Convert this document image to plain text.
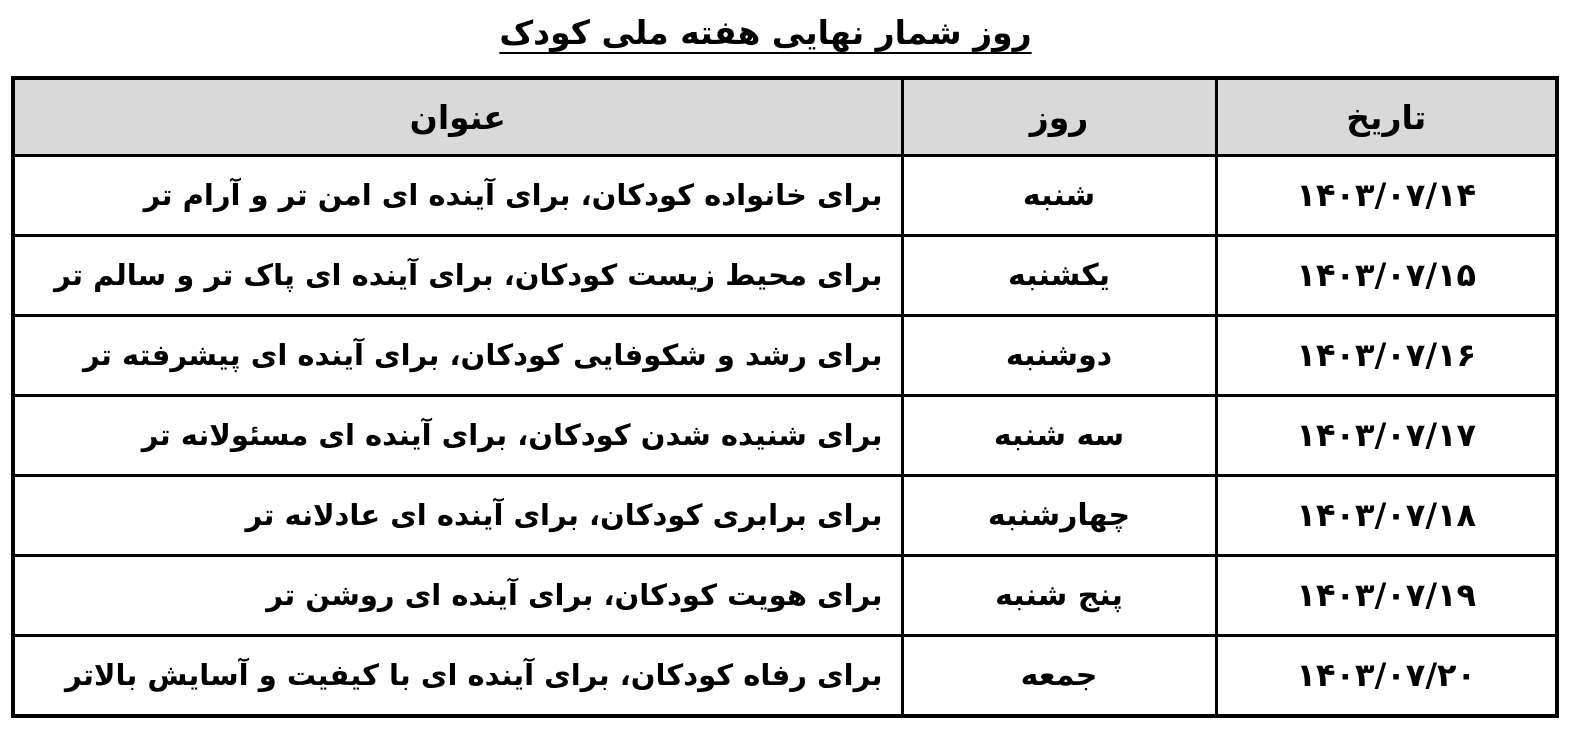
روز شمار نهایی هفته ملی کودک
تاریخ	روز	عنوان
۱۴۰۳/۰۷/۱۴	شنبه	برای خانواده کودکان، برای آینده ای امن تر و آرام تر
۱۴۰۳/۰۷/۱۵	یکشنبه	برای محیط زیست کودکان، برای آینده ای پاک تر و سالم تر
۱۴۰۳/۰۷/۱۶	دوشنبه	برای رشد و شکوفایی کودکان، برای آینده ای پیشرفته تر
۱۴۰۳/۰۷/۱۷	سه شنبه	برای شنیده شدن کودکان، برای آینده ای مسئولانه تر
۱۴۰۳/۰۷/۱۸	چهارشنبه	برای برابری کودکان، برای آینده ای عادلانه تر
۱۴۰۳/۰۷/۱۹	پنج شنبه	برای هویت کودکان، برای آینده ای روشن تر
۱۴۰۳/۰۷/۲۰	جمعه	برای رفاه کودکان، برای آینده ای با کیفیت و آسایش بالاتر
